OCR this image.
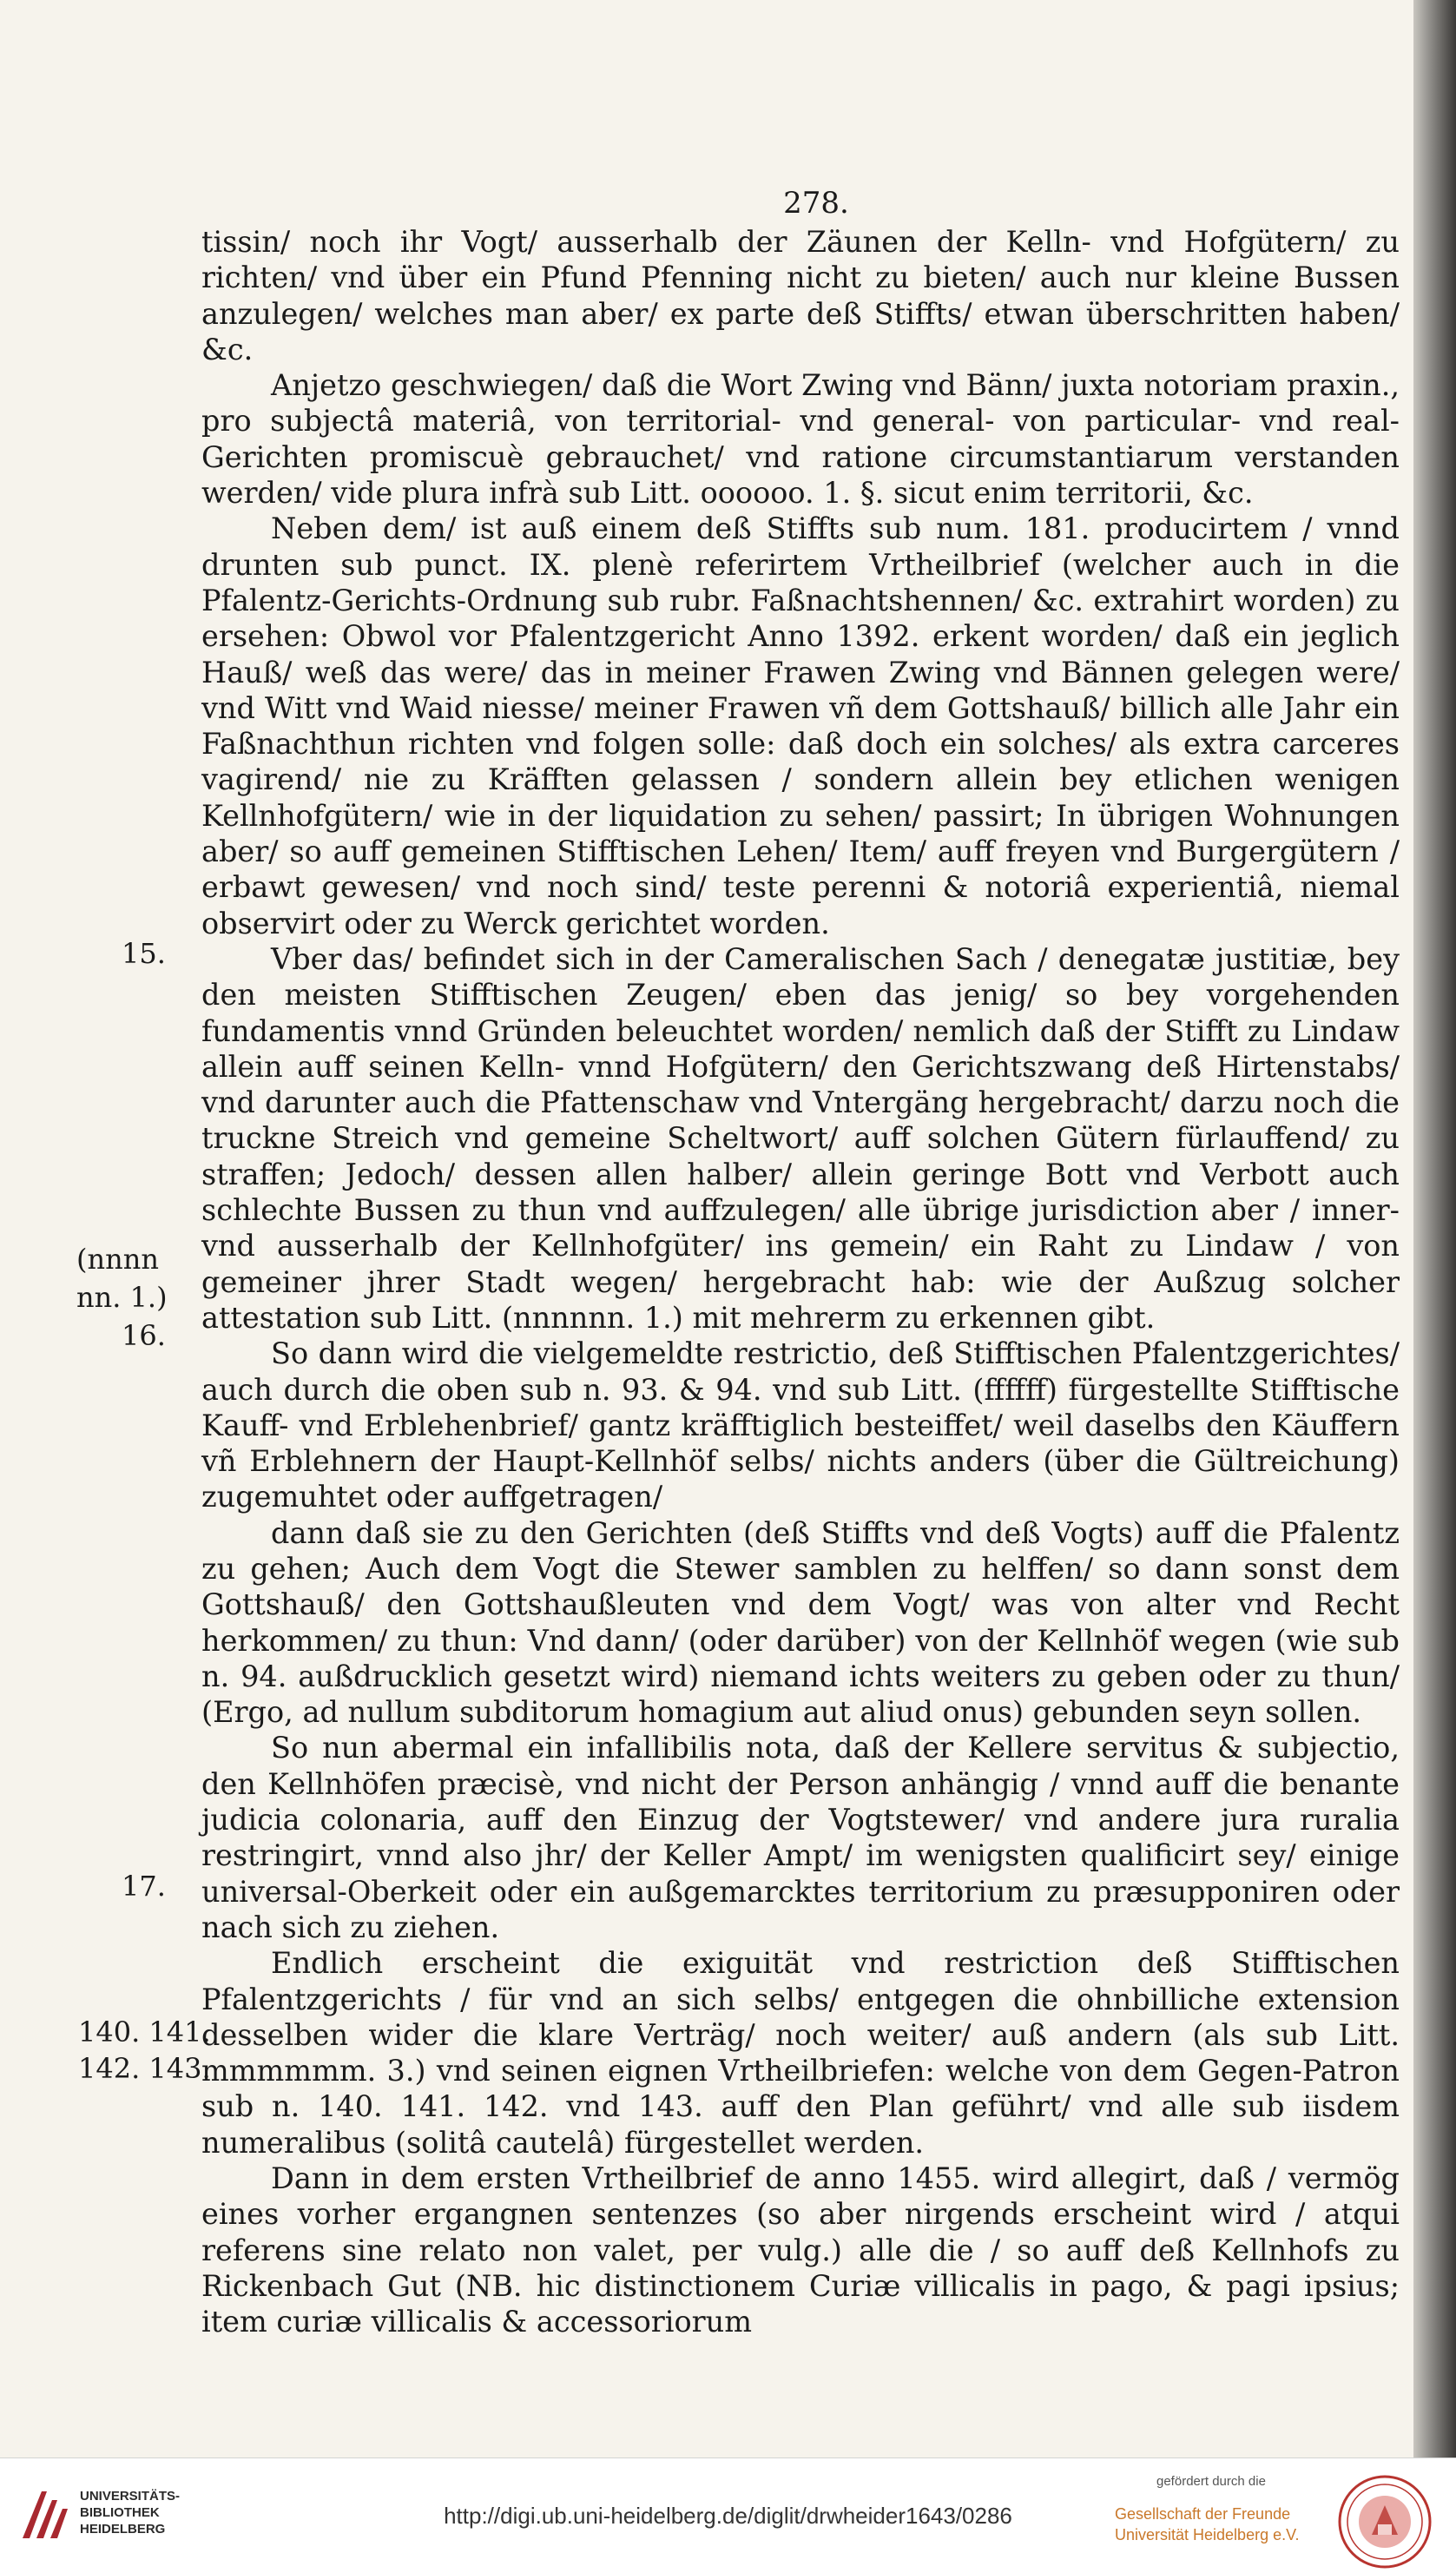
278.

tissin/ noch ihr Vogt/ ausserhalb der Zäunen der Kelln- vnd Hofgütern/ zu richten/ vnd über ein Pfund Pfenning nicht zu bieten/ auch nur kleine Bussen anzulegen/ welches man aber/ ex parte deß Stiffts/ etwan überschritten haben/ &c.

Anjetzo geschwiegen/ daß die Wort Zwing vnd Bänn/ juxta notoriam praxin., pro subjectâ materiâ, von territorial- vnd general- von particular- vnd real-Gerichten promiscuè gebrauchet/ vnd ratione circumstantiarum verstanden werden/ vide plura infrà sub Litt. oooooo. 1. §. sicut enim territorii, &c.

Neben dem/ ist auß einem deß Stiffts sub num. 181. producirtem / vnnd drunten sub punct. IX. plenè referirtem Vrtheilbrief (welcher auch in die Pfalentz-Gerichts-Ordnung sub rubr. Faßnachtshennen/ &c. extrahirt worden) zu ersehen: Obwol vor Pfalentzgericht Anno 1392. erkent worden/ daß ein jeglich Hauß/ weß das were/ das in meiner Frawen Zwing vnd Bännen gelegen were/ vnd Witt vnd Waid niesse/ meiner Frawen vñ dem Gottshauß/ billich alle Jahr ein Faßnachthun richten vnd folgen solle: daß doch ein solches/ als extra carceres vagirend/ nie zu Kräfften gelassen / sondern allein bey etlichen wenigen Kellnhofgütern/ wie in der liquidation zu sehen/ passirt; In übrigen Wohnungen aber/ so auff gemeinen Stifftischen Lehen/ Item/ auff freyen vnd Burgergütern / erbawt gewesen/ vnd noch sind/ teste perenni & notoriâ experientiâ, niemal observirt oder zu Werck gerichtet worden.

Vber das/ befindet sich in der Cameralischen Sach / denegatæ justitiæ, bey den meisten Stifftischen Zeugen/ eben das jenig/ so bey vorgehenden fundamentis vnnd Gründen beleuchtet worden/ nemlich daß der Stifft zu Lindaw allein auff seinen Kelln- vnnd Hofgütern/ den Gerichtszwang deß Hirtenstabs/ vnd darunter auch die Pfattenschaw vnd Vntergäng hergebracht/ darzu noch die truckne Streich vnd gemeine Scheltwort/ auff solchen Gütern fürlauffend/ zu straffen; Jedoch/ dessen allen halber/ allein geringe Bott vnd Verbott auch schlechte Bussen zu thun vnd auffzulegen/ alle übrige jurisdiction aber / inner- vnd ausserhalb der Kellnhofgüter/ ins gemein/ ein Raht zu Lindaw / von gemeiner jhrer Stadt wegen/ hergebracht hab: wie der Außzug solcher attestation sub Litt. (nnnnnn. 1.) mit mehrerm zu erkennen gibt.

So dann wird die vielgemeldte restrictio, deß Stifftischen Pfalentzgerichtes/ auch durch die oben sub n. 93. & 94. vnd sub Litt. (ffffff) fürgestellte Stifftische Kauff- vnd Erblehenbrief/ gantz kräfftiglich besteiffet/ weil daselbs den Käuffern vñ Erblehnern der Haupt-Kellnhöf selbs/ nichts anders (über die Gültreichung) zugemuhtet oder auffgetragen/

dann daß sie zu den Gerichten (deß Stiffts vnd deß Vogts) auff die Pfalentz zu gehen; Auch dem Vogt die Stewer samblen zu helffen/ so dann sonst dem Gottshauß/ den Gottshaußleuten vnd dem Vogt/ was von alter vnd Recht herkommen/ zu thun: Vnd dann/ (oder darüber) von der Kellnhöf wegen (wie sub n. 94. außdrucklich gesetzt wird) niemand ichts weiters zu geben oder zu thun/ (Ergo, ad nullum subditorum homagium aut aliud onus) gebunden seyn sollen.

So nun abermal ein infallibilis nota, daß der Kellere servitus & subjectio, den Kellnhöfen præcisè, vnd nicht der Person anhängig / vnnd auff die benante judicia colonaria, auff den Einzug der Vogtstewer/ vnd andere jura ruralia restringirt, vnnd also jhr/ der Keller Ampt/ im wenigsten qualificirt sey/ einige universal-Oberkeit oder ein außgemarcktes territorium zu præsupponiren oder nach sich zu ziehen.

Endlich erscheint die exiguität vnd restriction deß Stifftischen Pfalentzgerichts / für vnd an sich selbs/ entgegen die ohnbilliche extension desselben wider die klare Verträg/ noch weiter/ auß andern (als sub Litt. mmmmmm. 3.) vnd seinen eignen Vrtheilbriefen: welche von dem Gegen-Patron sub n. 140. 141. 142. vnd 143. auff den Plan geführt/ vnd alle sub iisdem numeralibus (solitâ cautelâ) fürgestellet werden.

Dann in dem ersten Vrtheilbrief de anno 1455. wird allegirt, daß / vermög eines vorher ergangnen sentenzes (so aber nirgends erscheint wird / atqui referens sine relato non valet, per vulg.) alle die / so auff deß Kellnhofs zu Rickenbach Gut (NB. hic distinctionem Curiæ villicalis in pago, & pagi ipsius; item curiæ villicalis & accessoriorum

15.
(nnnn
nn. 1.)
16.
17.
140. 141.
142. 143.
UNIVERSITÄTS-
BIBLIOTHEK
HEIDELBERG
http://digi.ub.uni-heidelberg.de/diglit/drwheider1643/0286
gefördert durch die
Gesellschaft der Freunde
Universität Heidelberg e.V.
